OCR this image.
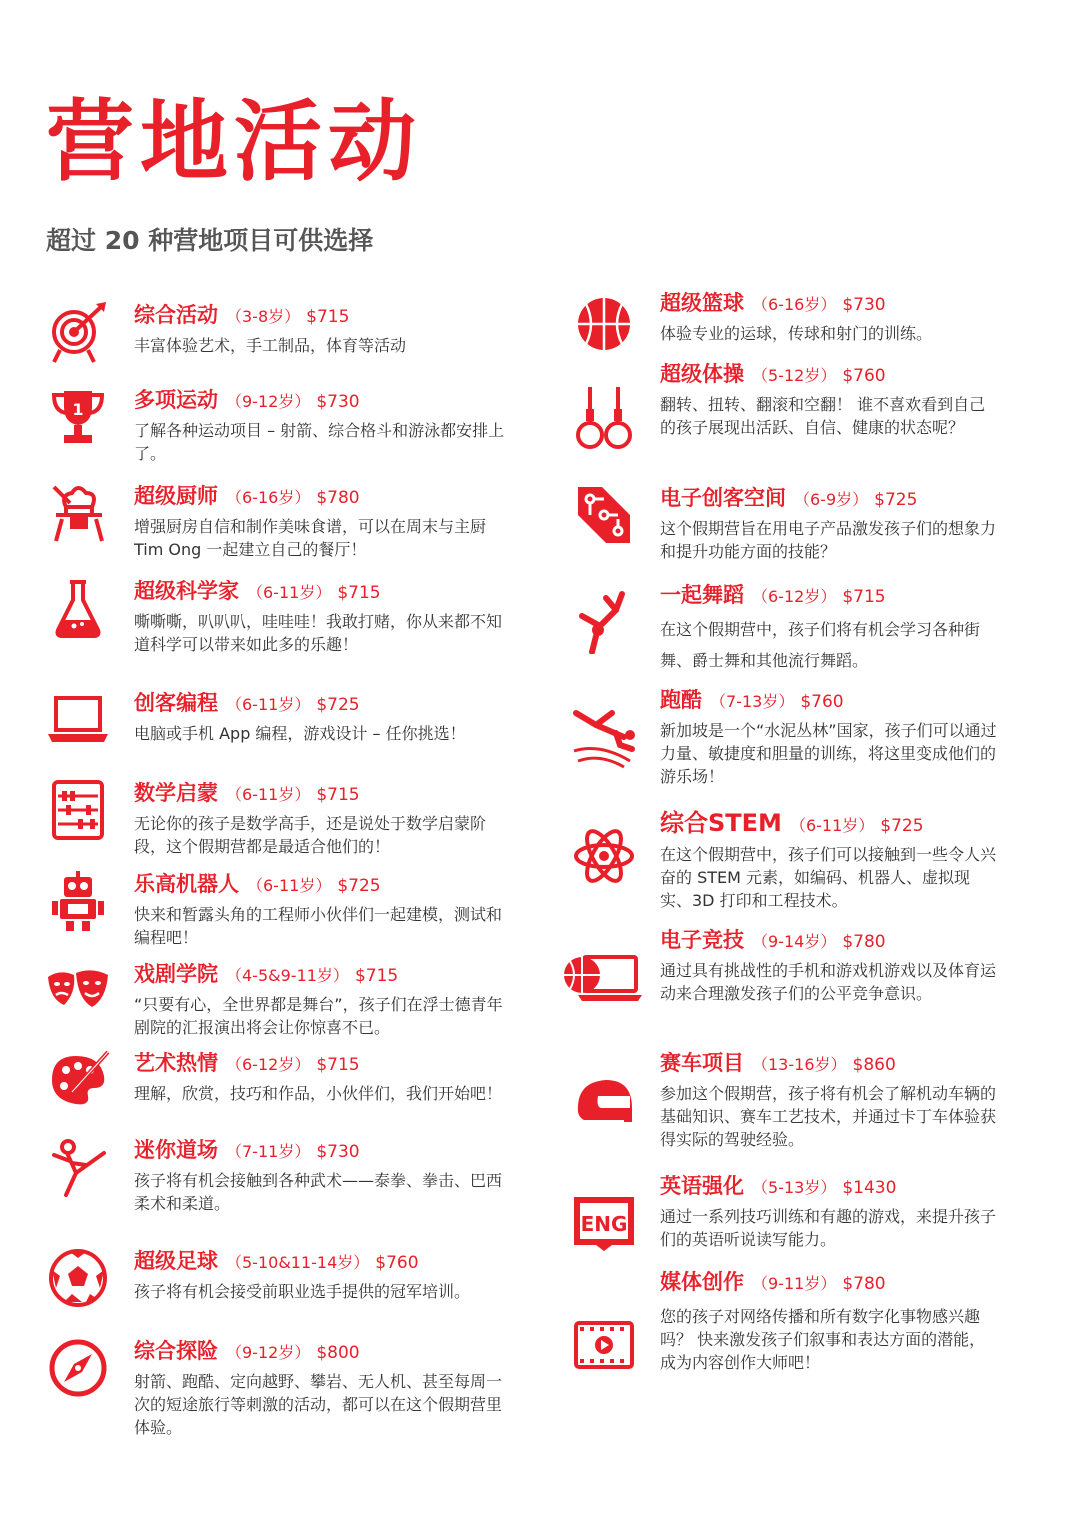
营地活动
超过 20 种营地项目可供选择
综合活动 （3-8岁） $715
丰富体验艺术，手工制品，体育等活动
1 多项运动 （9-12岁） $730
了解各种运动项目 – 射箭、综合格斗和游泳都安排上了。
超级厨师 （6-16岁） $780
增强厨房自信和制作美味食谱，可以在周末与主厨 Tim Ong 一起建立自己的餐厅！
超级科学家 （6-11岁） $715
嘶嘶嘶，叭叭叭，哇哇哇！我敢打赌，你从来都不知道科学可以带来如此多的乐趣！
创客编程 （6-11岁） $725
电脑或手机 App 编程，游戏设计 – 任你挑选！
数学启蒙 （6-11岁） $715
无论你的孩子是数学高手，还是说处于数学启蒙阶段，这个假期营都是最适合他们的！
乐高机器人 （6-11岁） $725
快来和暂露头角的工程师小伙伴们一起建模，测试和编程吧！
戏剧学院 （4-5&9-11岁） $715
“只要有心，全世界都是舞台”，孩子们在浮士德青年剧院的汇报演出将会让你惊喜不已。
艺术热情 （6-12岁） $715
理解，欣赏，技巧和作品，小伙伴们，我们开始吧！
迷你道场 （7-11岁） $730
孩子将有机会接触到各种武术——泰拳、拳击、巴西柔术和柔道。
超级足球 （5-10&11-14岁） $760
孩子将有机会接受前职业选手提供的冠军培训。
综合探险 （9-12岁） $800
射箭、跑酷、定向越野、攀岩、无人机、甚至每周一次的短途旅行等刺激的活动，都可以在这个假期营里体验。
超级篮球 （6-16岁） $730
体验专业的运球，传球和射门的训练。
超级体操 （5-12岁） $760
翻转、扭转、翻滚和空翻！ 谁不喜欢看到自己的孩子展现出活跃、自信、健康的状态呢？
电子创客空间 （6-9岁） $725
这个假期营旨在用电子产品激发孩子们的想象力和提升功能方面的技能？
一起舞蹈 （6-12岁） $715
在这个假期营中，孩子们将有机会学习各种街舞、爵士舞和其他流行舞蹈。
跑酷 （7-13岁） $760
新加坡是一个“水泥丛林”国家，孩子们可以通过力量、敏捷度和胆量的训练，将这里变成他们的游乐场！
综合STEM （6-11岁） $725
在这个假期营中，孩子们可以接触到一些令人兴奋的 STEM 元素，如编码、机器人、虚拟现实、3D 打印和工程技术。
电子竞技 （9-14岁） $780
通过具有挑战性的手机和游戏机游戏以及体育运动来合理激发孩子们的公平竞争意识。
赛车项目 （13-16岁） $860
参加这个假期营，孩子将有机会了解机动车辆的基础知识、赛车工艺技术，并通过卡丁车体验获得实际的驾驶经验。
ENG
英语强化 （5-13岁） $1430
通过一系列技巧训练和有趣的游戏，来提升孩子们的英语听说读写能力。
媒体创作 （9-11岁） $780
您的孩子对网络传播和所有数字化事物感兴趣吗？ 快来激发孩子们叙事和表达方面的潜能，成为内容创作大师吧！
